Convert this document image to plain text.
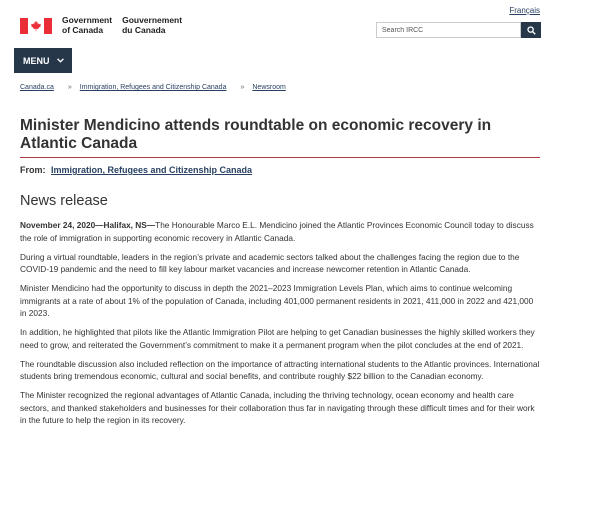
Français
Government
of Canada
Gouvernement
du Canada
Search IRCC
MENU
Canada.ca » Immigration, Refugees and Citizenship Canada » Newsroom
Minister Mendicino attends roundtable on economic recovery in Atlantic Canada
From: Immigration, Refugees and Citizenship Canada
News release

November 24, 2020—Halifax, NS—The Honourable Marco E.L. Mendicino joined the Atlantic Provinces Economic Council today to discuss the role of immigration in supporting economic recovery in Atlantic Canada.

During a virtual roundtable, leaders in the region’s private and academic sectors talked about the challenges facing the region due to the COVID-19 pandemic and the need to fill key labour market vacancies and increase newcomer retention in Atlantic Canada.

Minister Mendicino had the opportunity to discuss in depth the 2021–2023 Immigration Levels Plan, which aims to continue welcoming immigrants at a rate of about 1% of the population of Canada, including 401,000 permanent residents in 2021, 411,000 in 2022 and 421,000 in 2023.

In addition, he highlighted that pilots like the Atlantic Immigration Pilot are helping to get Canadian businesses the highly skilled workers they need to grow, and reiterated the Government’s commitment to make it a permanent program when the pilot concludes at the end of 2021.

The roundtable discussion also included reflection on the importance of attracting international students to the Atlantic provinces. International students bring tremendous economic, cultural and social benefits, and contribute roughly $22 billion to the Canadian economy.

The Minister recognized the regional advantages of Atlantic Canada, including the thriving technology, ocean economy and health care sectors, and thanked stakeholders and businesses for their collaboration thus far in navigating through these difficult times and for their work in the future to help the region in its recovery.
